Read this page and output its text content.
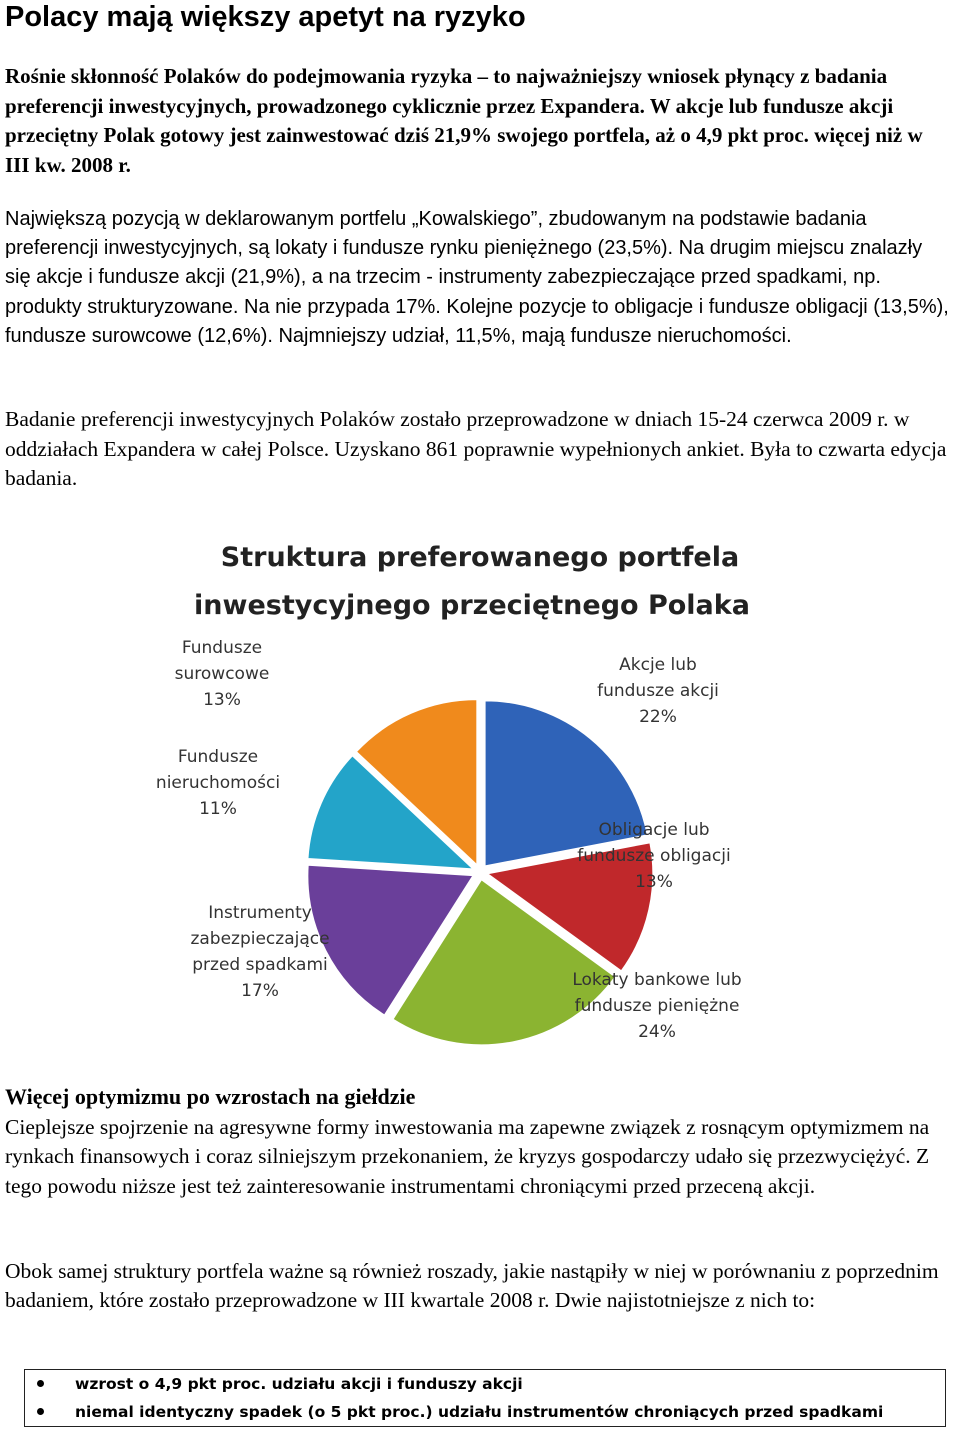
Polacy mają większy apetyt na ryzyko

Rośnie skłonność Polaków do podejmowania ryzyka – to najważniejszy wniosek płynący z badania preferencji inwestycyjnych, prowadzonego cyklicznie przez Expandera. W akcje lub fundusze akcji przeciętny Polak gotowy jest zainwestować dziś 21,9% swojego portfela, aż o 4,9 pkt proc. więcej niż w III kw. 2008 r.

Największą pozycją w deklarowanym portfelu „Kowalskiego”, zbudowanym na podstawie badania preferencji inwestycyjnych, są lokaty i fundusze rynku pieniężnego (23,5%). Na drugim miejscu znalazły się akcje i fundusze akcji (21,9%), a na trzecim - instrumenty zabezpieczające przed spadkami, np. produkty strukturyzowane. Na nie przypada 17%. Kolejne pozycje to obligacje i fundusze obligacji (13,5%), fundusze surowcowe (12,6%). Najmniejszy udział, 11,5%, mają fundusze nieruchomości.

Badanie preferencji inwestycyjnych Polaków zostało przeprowadzone w dniach 15-24 czerwca 2009 r. w oddziałach Expandera w całej Polsce. Uzyskano 861 poprawnie wypełnionych ankiet. Była to czwarta edycja badania.

Struktura preferowanego portfela
inwestycyjnego przeciętnego Polaka
Akcje lub
fundusze akcji
22%
Obligacje lub
fundusze obligacji
13%
Lokaty bankowe lub
fundusze pieniężne
24%
Instrumenty
zabezpieczające
przed spadkami
17%
Fundusze
nieruchomości
11%
Fundusze
surowcowe
13%
Więcej optymizmu po wzrostach na giełdzie

Cieplejsze spojrzenie na agresywne formy inwestowania ma zapewne związek z rosnącym optymizmem na rynkach finansowych i coraz silniejszym przekonaniem, że kryzys gospodarczy udało się przezwyciężyć. Z tego powodu niższe jest też zainteresowanie instrumentami chroniącymi przed przeceną akcji.

Obok samej struktury portfela ważne są również roszady, jakie nastąpiły w niej w porównaniu z poprzednim badaniem, które zostało przeprowadzone w III kwartale 2008 r. Dwie najistotniejsze z nich to:

wzrost o 4,9 pkt proc. udziału akcji i funduszy akcji
niemal identyczny spadek (o 5 pkt proc.) udziału instrumentów chroniących przed spadkami
